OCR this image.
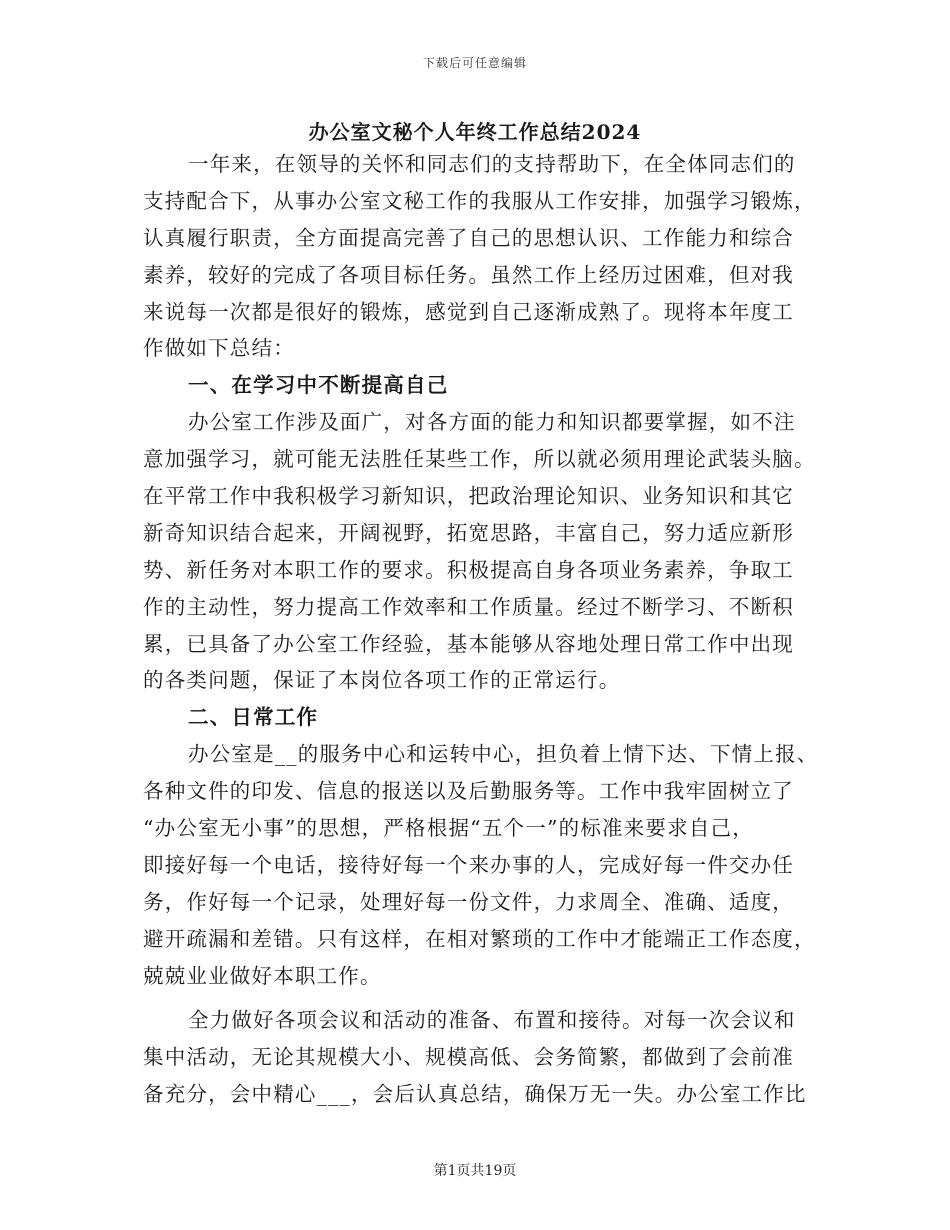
下载后可任意编辑
办公室文秘个人年终工作总结2024
一年来，在领导的关怀和同志们的支持帮助下，在全体同志们的
支持配合下，从事办公室文秘工作的我服从工作安排，加强学习锻炼，
认真履行职责，全方面提高完善了自己的思想认识、工作能力和综合
素养，较好的完成了各项目标任务。虽然工作上经历过困难，但对我
来说每一次都是很好的锻炼，感觉到自己逐渐成熟了。现将本年度工
作做如下总结：
一、在学习中不断提高自己
办公室工作涉及面广，对各方面的能力和知识都要掌握，如不注
意加强学习，就可能无法胜任某些工作，所以就必须用理论武装头脑。
在平常工作中我积极学习新知识，把政治理论知识、业务知识和其它
新奇知识结合起来，开阔视野，拓宽思路，丰富自己，努力适应新形
势、新任务对本职工作的要求。积极提高自身各项业务素养，争取工
作的主动性，努力提高工作效率和工作质量。经过不断学习、不断积
累，已具备了办公室工作经验，基本能够从容地处理日常工作中出现
的各类问题，保证了本岗位各项工作的正常运行。
二、日常工作
办公室是__的服务中心和运转中心，担负着上情下达、下情上报、
各种文件的印发、信息的报送以及后勤服务等。工作中我牢固树立了
“办公室无小事”的思想，严格根据“五个一”的标准来要求自己，
即接好每一个电话，接待好每一个来办事的人，完成好每一件交办任
务，作好每一个记录，处理好每一份文件，力求周全、准确、适度，
避开疏漏和差错。只有这样，在相对繁琐的工作中才能端正工作态度，
兢兢业业做好本职工作。
全力做好各项会议和活动的准备、布置和接待。对每一次会议和
集中活动，无论其规模大小、规模高低、会务简繁，都做到了会前准
备充分，会中精心___，会后认真总结，确保万无一失。办公室工作比
第1页共19页
